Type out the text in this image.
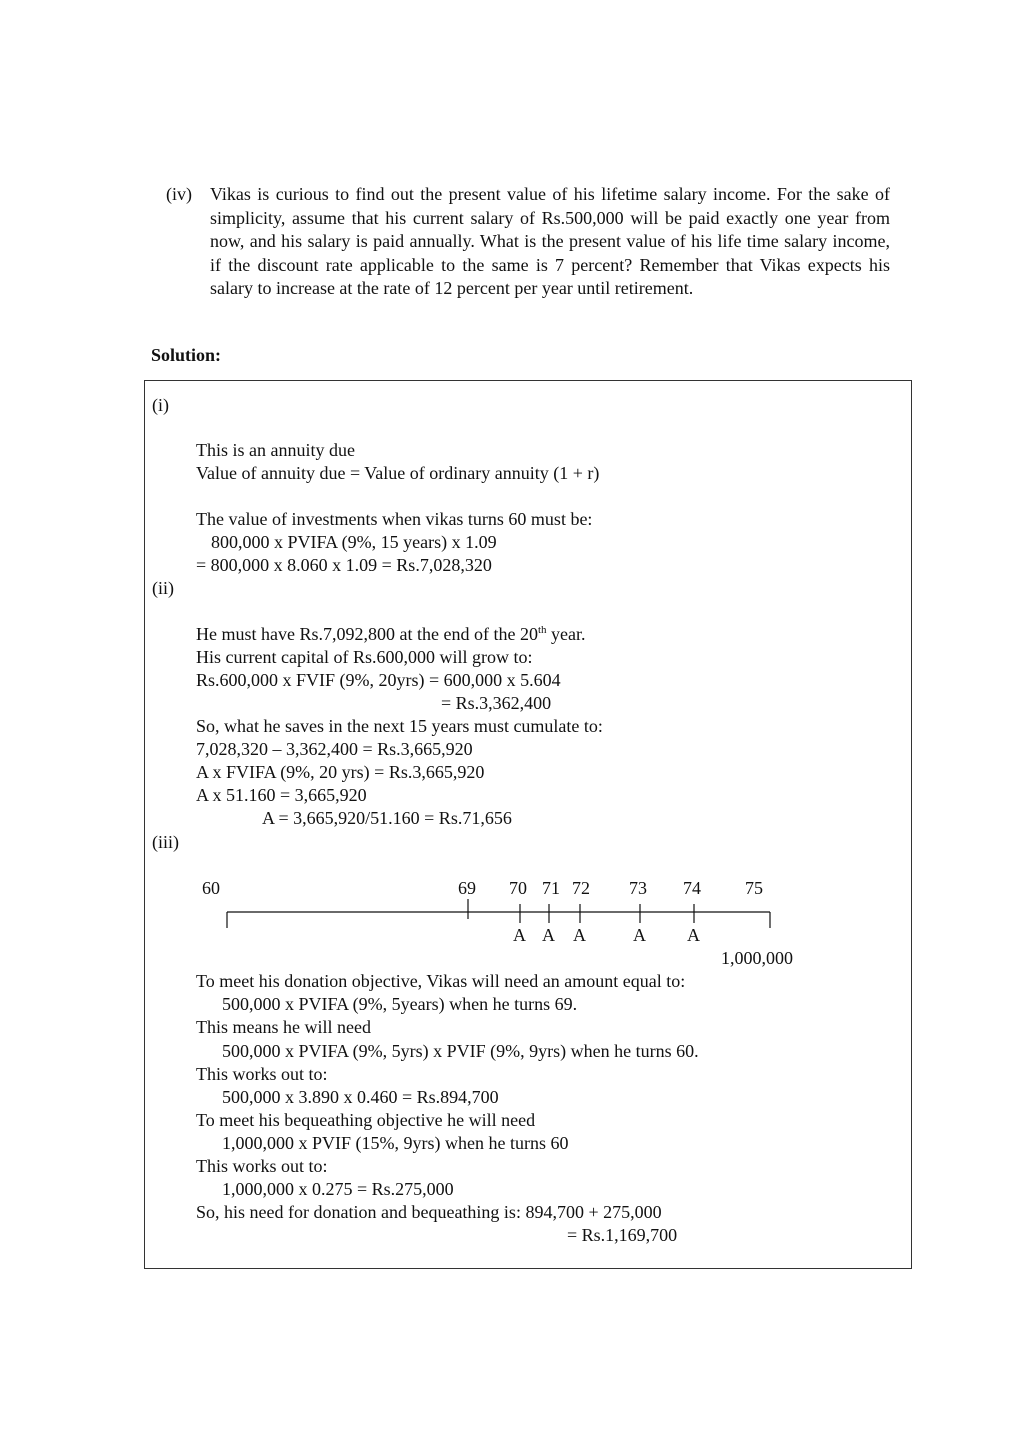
(iv) Vikas is curious to find out the present value of his lifetime salary income. For the sake of simplicity, assume that his current salary of Rs.500,000 will be paid exactly one year from now, and his salary is paid annually. What is the present value of his life time salary income, if the discount rate applicable to the same is 7 percent? Remember that Vikas expects his salary to increase at the rate of 12 percent per year until retirement.
Solution:
(i)
This is an annuity due
Value of annuity due = Value of ordinary annuity (1 + r)
The value of investments when vikas turns 60 must be:
800,000 x PVIFA (9%, 15 years) x 1.09
= 800,000 x 8.060 x 1.09 = Rs.7,028,320
(ii)
He must have Rs.7,092,800 at the end of the 20th year.
His current capital of Rs.600,000 will grow to:
Rs.600,000 x FVIF (9%, 20yrs) = 600,000 x 5.604
= Rs.3,362,400
So, what he saves in the next 15 years must cumulate to:
7,028,320 – 3,362,400 = Rs.3,665,920
A x FVIFA (9%, 20 yrs) = Rs.3,665,920
A x 51.160 = 3,665,920
A = 3,665,920/51.160 = Rs.71,656
(iii)
60	69 70 71 72 73 74 75
A A A	A A
1,000,000
To meet his donation objective, Vikas will need an amount equal to:
500,000 x PVIFA (9%, 5years) when he turns 69.
This means he will need
500,000 x PVIFA (9%, 5yrs) x PVIF (9%, 9yrs) when he turns 60.
This works out to:
500,000 x 3.890 x 0.460 = Rs.894,700
To meet his bequeathing objective he will need
1,000,000 x PVIF (15%, 9yrs) when he turns 60
This works out to:
1,000,000 x 0.275 = Rs.275,000
So, his need for donation and bequeathing is: 894,700 + 275,000
= Rs.1,169,700
